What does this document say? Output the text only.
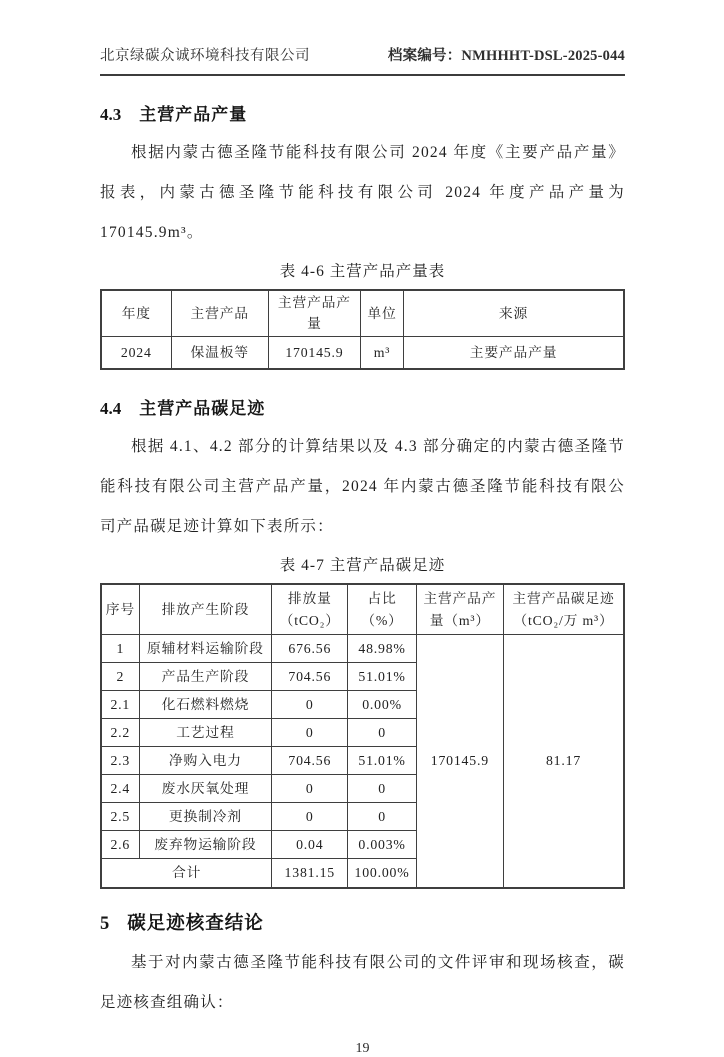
北京绿碳众诚环境科技有限公司	档案编号：NMHHHT-DSL-2025-044
4.3 主营产品产量
根据内蒙古德圣隆节能科技有限公司 2024 年度《主要产品产量》报表，内蒙古德圣隆节能科技有限公司 2024 年度产品产量为 170145.9m³。
表 4-6 主营产品产量表
年度	主营产品	主营产品产量	单位	来源
2024	保温板等	170145.9	m³	主要产品产量
4.4 主营产品碳足迹
根据 4.1、4.2 部分的计算结果以及 4.3 部分确定的内蒙古德圣隆节能科技有限公司主营产品产量，2024 年内蒙古德圣隆节能科技有限公司产品碳足迹计算如下表所示：
表 4-7 主营产品碳足迹
序号	排放产生阶段	排放量（tCO₂）	占比（%）	主营产品产量（m³）	主营产品碳足迹（tCO₂/万 m³）
1	原辅材料运输阶段	676.56	48.98%	170145.9	81.17
2	产品生产阶段	704.56	51.01%		
2.1	化石燃料燃烧	0	0.00%		
2.2	工艺过程	0	0		
2.3	净购入电力	704.56	51.01%		
2.4	废水厌氧处理	0	0		
2.5	更换制冷剂	0	0		
2.6	废弃物运输阶段	0.04	0.003%		
合计		1381.15	100.00%		
5 碳足迹核查结论
基于对内蒙古德圣隆节能科技有限公司的文件评审和现场核查，碳足迹核查组确认：
19
